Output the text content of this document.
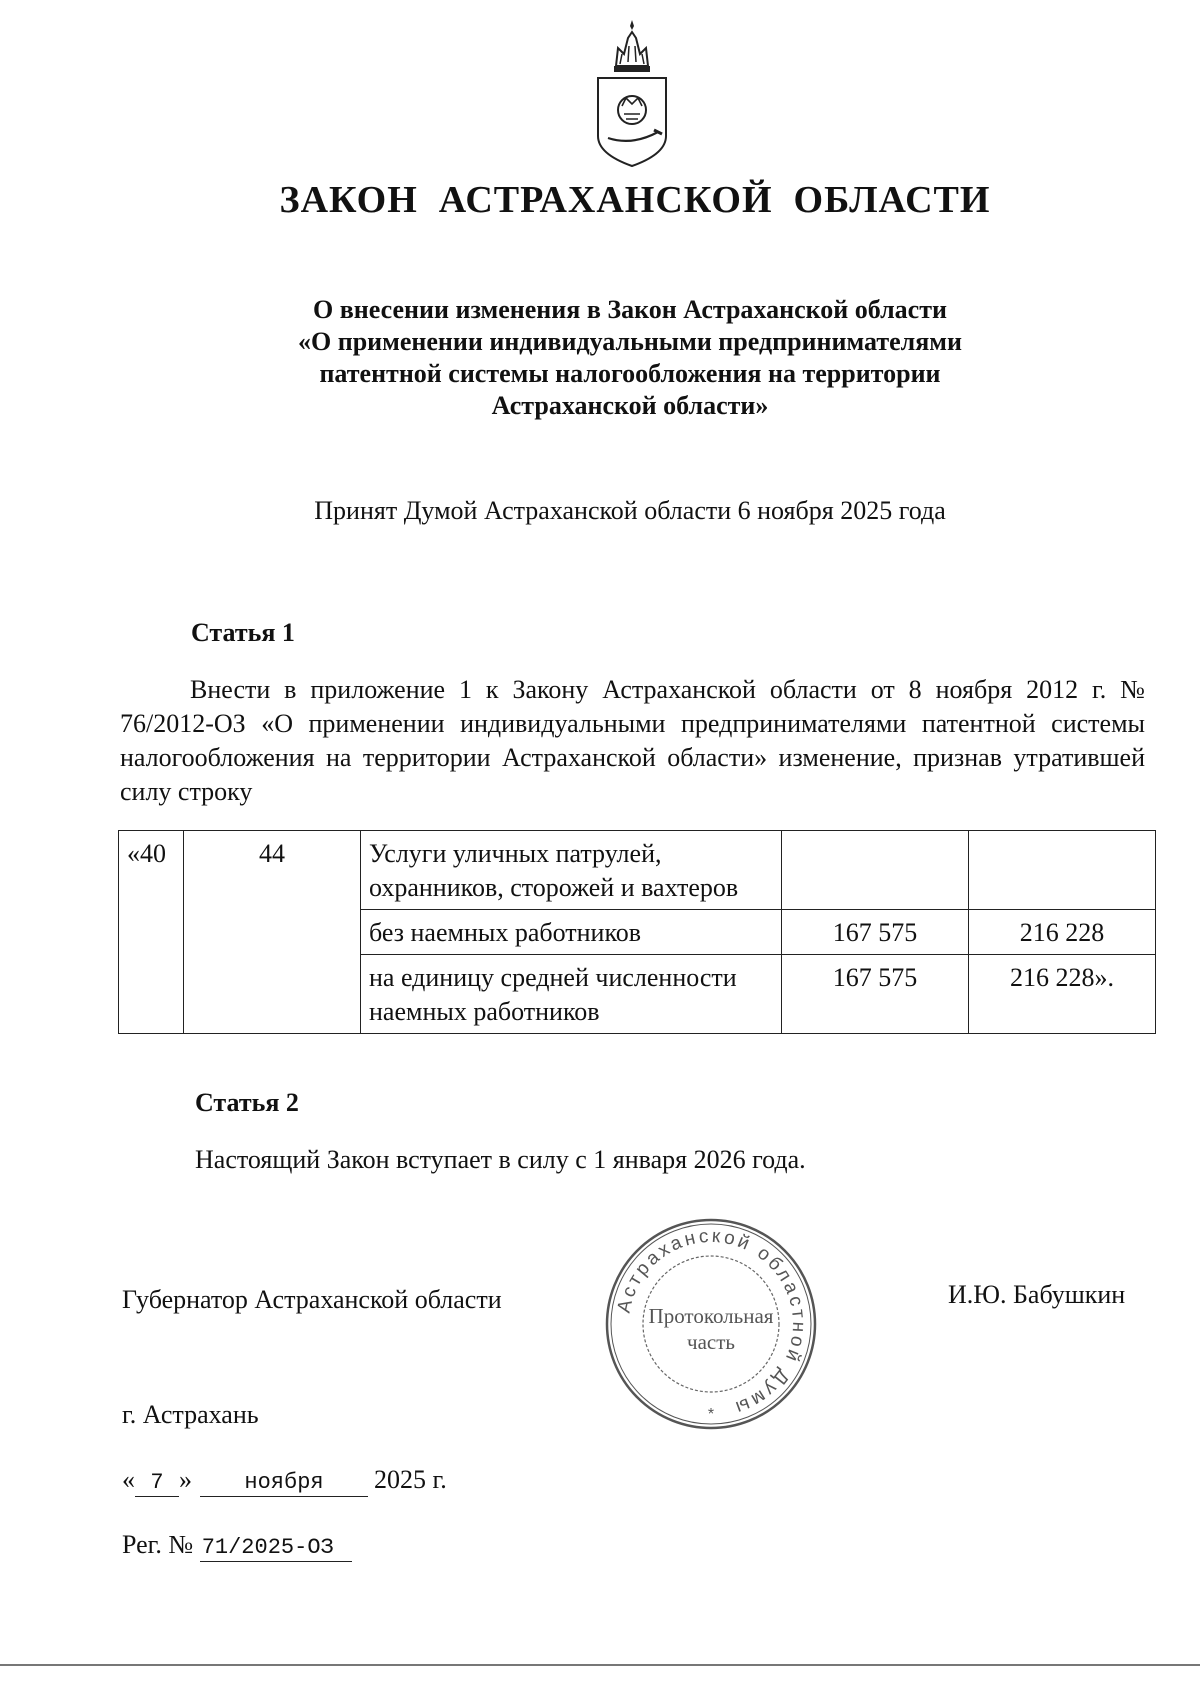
ЗАКОН  АСТРАХАНСКОЙ  ОБЛАСТИ
О внесении изменения в Закон Астраханской области
«О применении индивидуальными предпринимателями
патентной системы налогообложения на территории
Астраханской области»
Принят Думой Астраханской области 6 ноября 2025 года
Статья 1
Внести в приложение 1 к Закону Астраханской области от 8 ноября 2012 г. № 76/2012-ОЗ «О применении индивидуальными предпринимателями патентной системы налогообложения на территории Астраханской области» изменение, признав утратившей силу строку
«40	44	Услуги уличных патрулей, охранников, сторожей и вахтеров		
		без наемных работников	167 575	216 228
		на единицу средней численности наемных работников	167 575	216 228».
Статья 2
Настоящий Закон вступает в силу с 1 января 2026 года.
Губернатор Астраханской области	И.Ю. Бабушкин
Астраханской областной Думы
Протокольная
часть
*
г. Астрахань
« 7 » ноября 2025 г.
Рег. № 71/2025-ОЗ
